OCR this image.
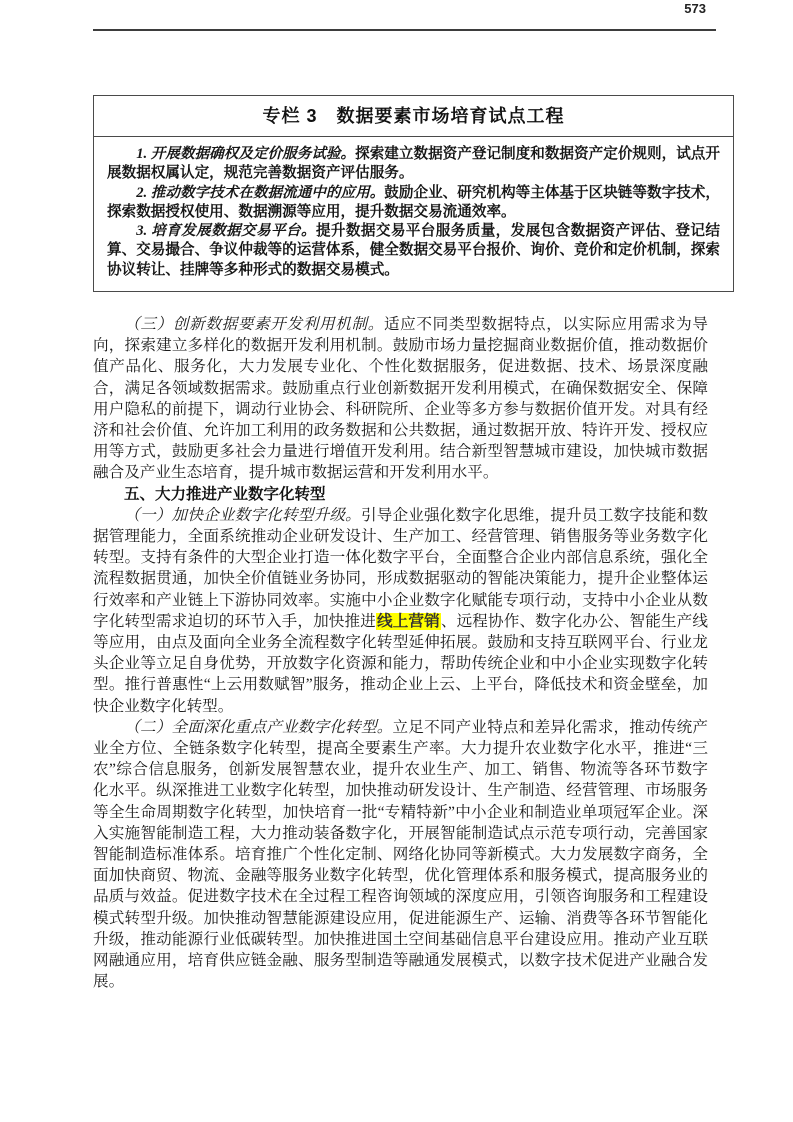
573
专栏 3　数据要素市场培育试点工程

1. 开展数据确权及定价服务试验。探索建立数据资产登记制度和数据资产定价规则，试点开展数据权属认定，规范完善数据资产评估服务。

2. 推动数字技术在数据流通中的应用。鼓励企业、研究机构等主体基于区块链等数字技术，探索数据授权使用、数据溯源等应用，提升数据交易流通效率。

3. 培育发展数据交易平台。提升数据交易平台服务质量，发展包含数据资产评估、登记结算、交易撮合、争议仲裁等的运营体系，健全数据交易平台报价、询价、竞价和定价机制，探索协议转让、挂牌等多种形式的数据交易模式。

（三）创新数据要素开发利用机制。适应不同类型数据特点，以实际应用需求为导向，探索建立多样化的数据开发利用机制。鼓励市场力量挖掘商业数据价值，推动数据价值产品化、服务化，大力发展专业化、个性化数据服务，促进数据、技术、场景深度融合，满足各领域数据需求。鼓励重点行业创新数据开发利用模式，在确保数据安全、保障用户隐私的前提下，调动行业协会、科研院所、企业等多方参与数据价值开发。对具有经济和社会价值、允许加工利用的政务数据和公共数据，通过数据开放、特许开发、授权应用等方式，鼓励更多社会力量进行增值开发利用。结合新型智慧城市建设，加快城市数据融合及产业生态培育，提升城市数据运营和开发利用水平。

五、大力推进产业数字化转型

（一）加快企业数字化转型升级。引导企业强化数字化思维，提升员工数字技能和数据管理能力，全面系统推动企业研发设计、生产加工、经营管理、销售服务等业务数字化转型。支持有条件的大型企业打造一体化数字平台，全面整合企业内部信息系统，强化全流程数据贯通，加快全价值链业务协同，形成数据驱动的智能决策能力，提升企业整体运行效率和产业链上下游协同效率。实施中小企业数字化赋能专项行动，支持中小企业从数字化转型需求迫切的环节入手，加快推进线上营销、远程协作、数字化办公、智能生产线等应用，由点及面向全业务全流程数字化转型延伸拓展。鼓励和支持互联网平台、行业龙头企业等立足自身优势，开放数字化资源和能力，帮助传统企业和中小企业实现数字化转型。推行普惠性“上云用数赋智”服务，推动企业上云、上平台，降低技术和资金壁垒，加快企业数字化转型。

（二）全面深化重点产业数字化转型。立足不同产业特点和差异化需求，推动传统产业全方位、全链条数字化转型，提高全要素生产率。大力提升农业数字化水平，推进“三农”综合信息服务，创新发展智慧农业，提升农业生产、加工、销售、物流等各环节数字化水平。纵深推进工业数字化转型，加快推动研发设计、生产制造、经营管理、市场服务等全生命周期数字化转型，加快培育一批“专精特新”中小企业和制造业单项冠军企业。深入实施智能制造工程，大力推动装备数字化，开展智能制造试点示范专项行动，完善国家智能制造标准体系。培育推广个性化定制、网络化协同等新模式。大力发展数字商务，全面加快商贸、物流、金融等服务业数字化转型，优化管理体系和服务模式，提高服务业的品质与效益。促进数字技术在全过程工程咨询领域的深度应用，引领咨询服务和工程建设模式转型升级。加快推动智慧能源建设应用，促进能源生产、运输、消费等各环节智能化升级，推动能源行业低碳转型。加快推进国土空间基础信息平台建设应用。推动产业互联网融通应用，培育供应链金融、服务型制造等融通发展模式，以数字技术促进产业融合发展。
